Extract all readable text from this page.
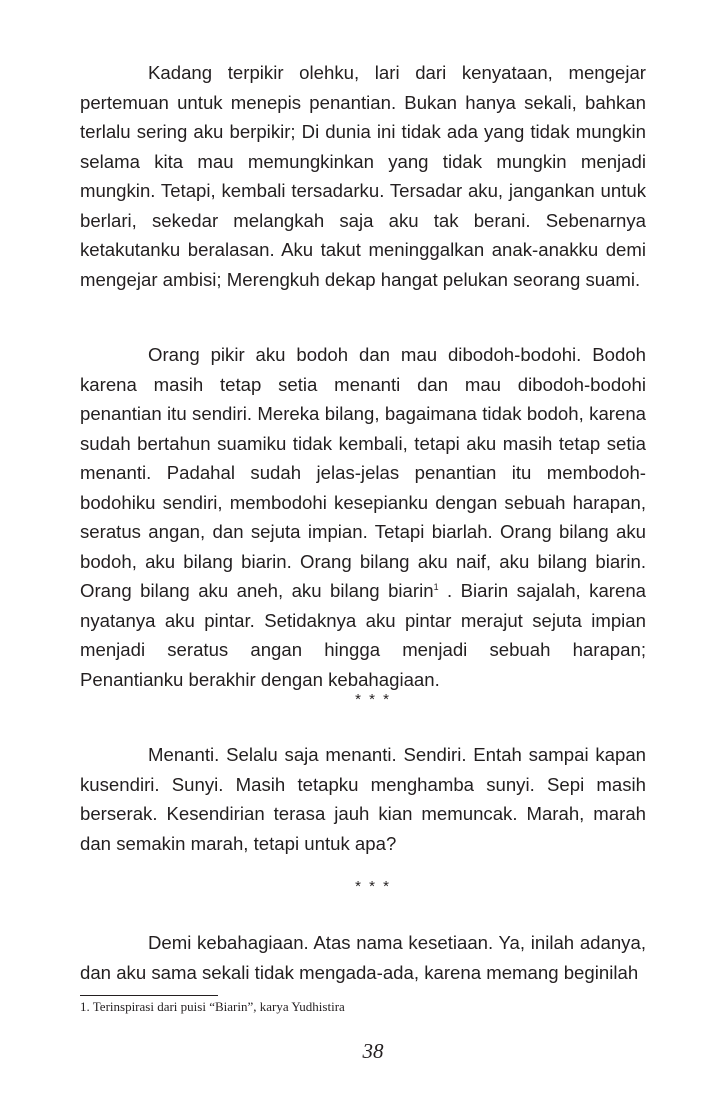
Kadang terpikir olehku, lari dari kenyataan, mengejar pertemuan untuk menepis penantian. Bukan hanya sekali, bahkan terlalu sering aku berpikir; Di dunia ini tidak ada yang tidak mungkin selama kita mau memungkinkan yang tidak mungkin menjadi mungkin. Tetapi, kembali tersadarku. Tersadar aku, jangankan untuk berlari, sekedar melangkah saja aku tak berani. Sebenarnya ketakutanku beralasan. Aku takut meninggalkan anak-anakku demi mengejar ambisi; Merengkuh dekap hangat pelukan seorang suami.

Orang pikir aku bodoh dan mau dibodoh-bodohi. Bodoh karena masih tetap setia menanti dan mau dibodoh-bodohi penantian itu sendiri. Mereka bilang, bagaimana tidak bodoh, karena sudah bertahun suamiku tidak kembali, tetapi aku masih tetap setia menanti. Padahal sudah jelas-jelas penantian itu membodoh-bodohiku sendiri, membodohi kesepianku dengan sebuah harapan, seratus angan, dan sejuta impian. Tetapi biarlah. Orang bilang aku bodoh, aku bilang biarin. Orang bilang aku naif, aku bilang biarin. Orang bilang aku aneh, aku bilang biarin$^1$ . Biarin sajalah, karena nyatanya aku pintar. Setidaknya aku pintar merajut sejuta impian menjadi seratus angan hingga menjadi sebuah harapan; Penantianku berakhir dengan kebahagiaan.

* * *

Menanti. Selalu saja menanti. Sendiri. Entah sampai kapan kusendiri. Sunyi. Masih tetapku menghamba sunyi. Sepi masih berserak. Kesendirian terasa jauh kian memuncak. Marah, marah dan semakin marah, tetapi untuk apa?

* * *

Demi kebahagiaan. Atas nama kesetiaan. Ya, inilah adanya, dan aku sama sekali tidak mengada-ada, karena memang beginilah

1. Terinspirasi dari puisi “Biarin”, karya Yudhistira
38
